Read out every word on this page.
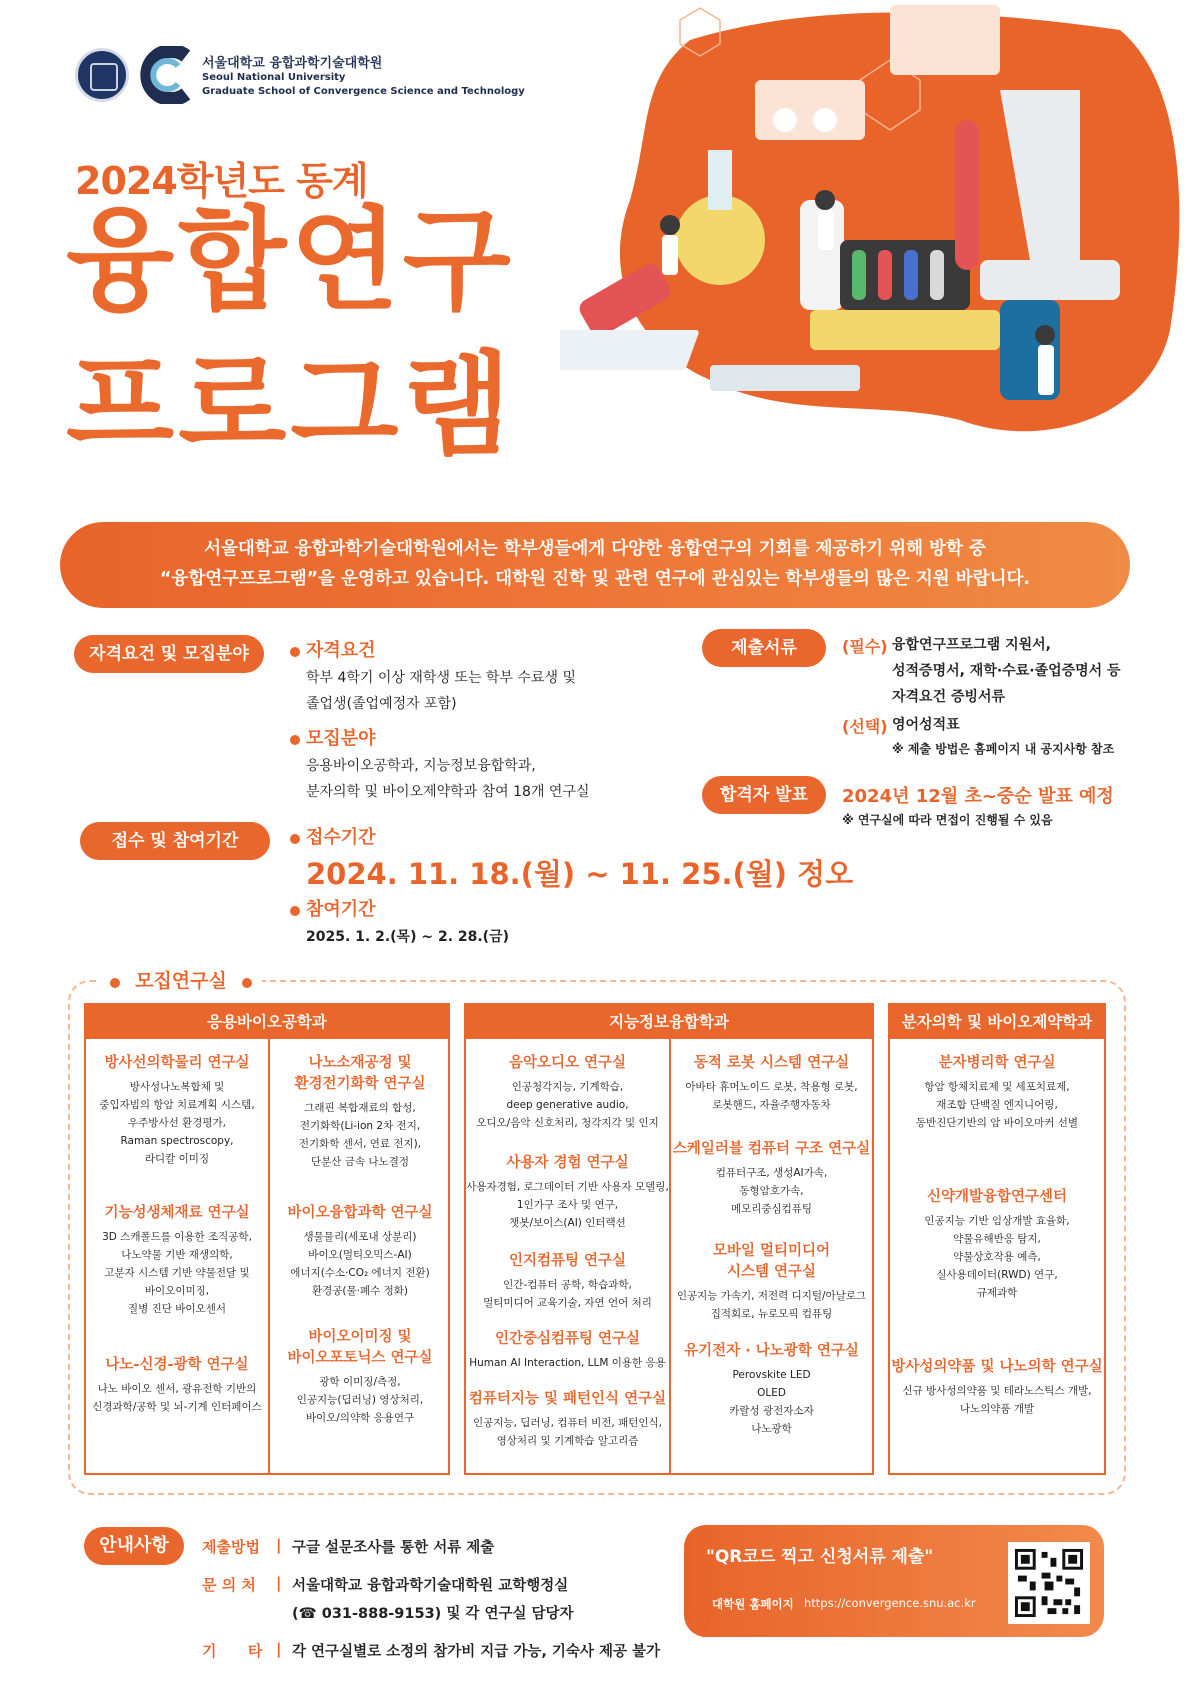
서울대학교 융합과학기술대학원
Seoul National University
Graduate School of Convergence Science and Technology
2024학년도 동계
융합연구
프로그램
서울대학교 융합과학기술대학원에서는 학부생들에게 다양한 융합연구의 기회를 제공하기 위해 방학 중
“융합연구프로그램”을 운영하고 있습니다. 대학원 진학 및 관련 연구에 관심있는 학부생들의 많은 지원 바랍니다.
자격요건 및 모집분야	자격요건
학부 4학기 이상 재학생 또는 학부 수료생 및
졸업생(졸업예정자 포함)
모집분야
응용바이오공학과, 지능정보융합학과,
분자의학 및 바이오제약학과 참여 18개 연구실
접수 및 참여기간	접수기간
2024. 11. 18.(월) ~ 11. 25.(월) 정오
참여기간
2025. 1. 2.(목) ~ 2. 28.(금)
제출서류	(필수) 융합연구프로그램 지원서,
성적증명서, 재학·수료·졸업증명서 등
자격요건 증빙서류
(선택) 영어성적표
※ 제출 방법은 홈페이지 내 공지사항 참조
합격자 발표	2024년 12월 초~중순 발표 예정
※ 연구실에 따라 면접이 진행될 수 있음
모집연구실
응용바이오공학과
방사선의학물리 연구실
방사성나노복합체 및
중입자빔의 항암 치료계획 시스템,
우주방사선 환경평가,
Raman spectroscopy,
라디칼 이미징
기능성생체재료 연구실
3D 스캐폴드를 이용한 조직공학,
나노약물 기반 재생의학,
고분자 시스템 기반 약물전달 및
바이오이미징,
질병 진단 바이오센서
나노-신경-광학 연구실
나노 바이오 센서, 광유전학 기반의
신경과학/공학 및 뇌-기계 인터페이스
나노소재공정 및
환경전기화학 연구실
그래핀 복합재료의 합성,
전기화학(Li-ion 2차 전지,
전기화학 센서, 연료 전지),
단분산 금속 나노결정
바이오융합과학 연구실
생물물리(세포내 상분리)
바이오(멀티오믹스-AI)
에너지(수소·CO₂ 에너지 전환)
환경공(물·폐수 정화)
바이오이미징 및
바이오포토닉스 연구실
광학 이미징/측정,
인공지능(딥러닝) 영상처리,
바이오/의약학 응용연구
지능정보융합학과
음악오디오 연구실
인공청각지능, 기계학습,
deep generative audio,
오디오/음악 신호처리, 청각지각 및 인지
사용자 경험 연구실
사용자경험, 로그데이터 기반 사용자 모델링,
1인가구 조사 및 연구,
챗봇/보이스(AI) 인터랙션
인지컴퓨팅 연구실
인간-컴퓨터 공학, 학습과학,
멀티미디어 교육기술, 자연 언어 처리
인간중심컴퓨팅 연구실
Human AI Interaction, LLM 이용한 응용
컴퓨터지능 및 패턴인식 연구실
인공지능, 딥러닝, 컴퓨터 비전, 패턴인식,
영상처리 및 기계학습 알고리즘
동적 로봇 시스템 연구실
아바타 휴머노이드 로봇, 착용형 로봇,
로봇핸드, 자율주행자동차
스케일러블 컴퓨터 구조 연구실
컴퓨터구조, 생성AI가속,
동형암호가속,
메모리중심컴퓨팅
모바일 멀티미디어
시스템 연구실
인공지능 가속기, 저전력 디지털/아날로그
집적회로, 뉴로모픽 컴퓨팅
유기전자 · 나노광학 연구실
Perovskite LED
OLED
카랄성 광전자소자
나노광학
분자의학 및 바이오제약학과
분자병리학 연구실
항암 항체치료제 및 세포치료제,
재조합 단백질 엔지니어링,
동반진단기반의 암 바이오마커 선별
신약개발융합연구센터
인공지능 기반 임상개발 효율화,
약물유해반응 탐지,
약물상호작용 예측,
실사용데이터(RWD) 연구,
규제과학
방사성의약품 및 나노의학 연구실
신규 방사성의약품 및 테라노스틱스 개발,
나노의약품 개발
안내사항	제출방법 | 구글 설문조사를 통한 서류 제출
문 의 처 | 서울대학교 융합과학기술대학원 교학행정실
(☎ 031-888-9153) 및 각 연구실 담당자
기      타 | 각 연구실별로 소정의 참가비 지급 가능, 기숙사 제공 불가
"QR코드 찍고 신청서류 제출"
대학원 홈페이지 https://convergence.snu.ac.kr
